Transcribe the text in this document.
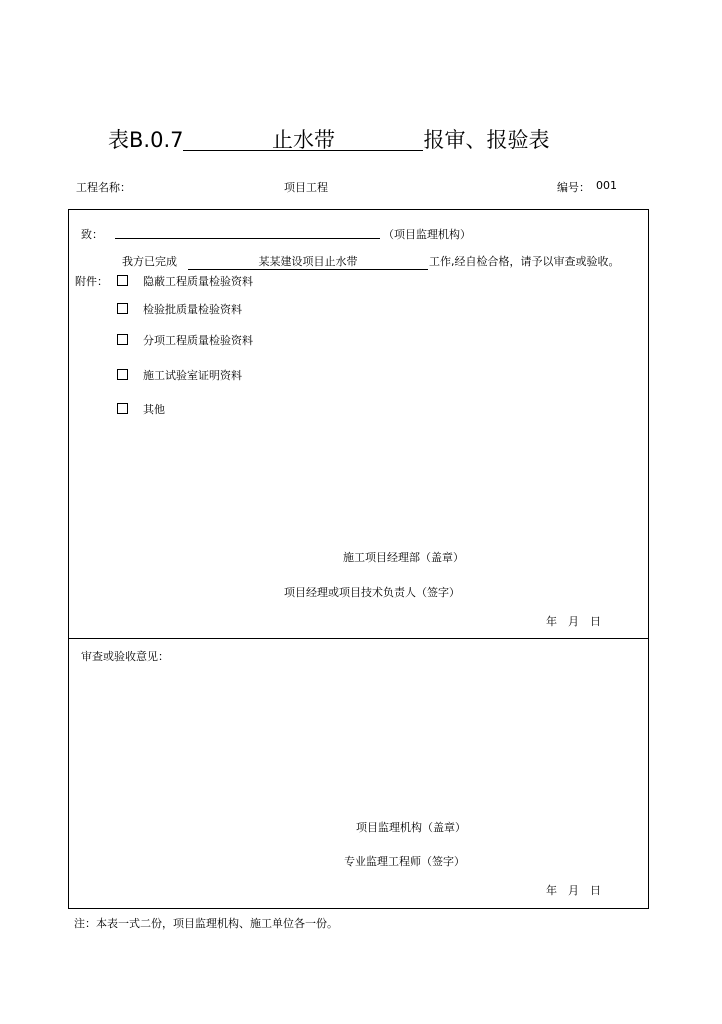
表B.0.7	止水带	报审、报验表
工程名称：	项目工程	编号： 001
致：	（项目监理机构）
我方已完成	某某建设项目止水带	工作,经自检合格，请予以审查或验收。
附件：	隐蔽工程质量检验资料
检验批质量检验资料
分项工程质量检验资料
施工试验室证明资料
其他
施工项目经理部（盖章）
项目经理或项目技术负责人（签字）
年　月　日
审查或验收意见：
项目监理机构（盖章）
专业监理工程师（签字）
年　月　日
注：本表一式二份，项目监理机构、施工单位各一份。
